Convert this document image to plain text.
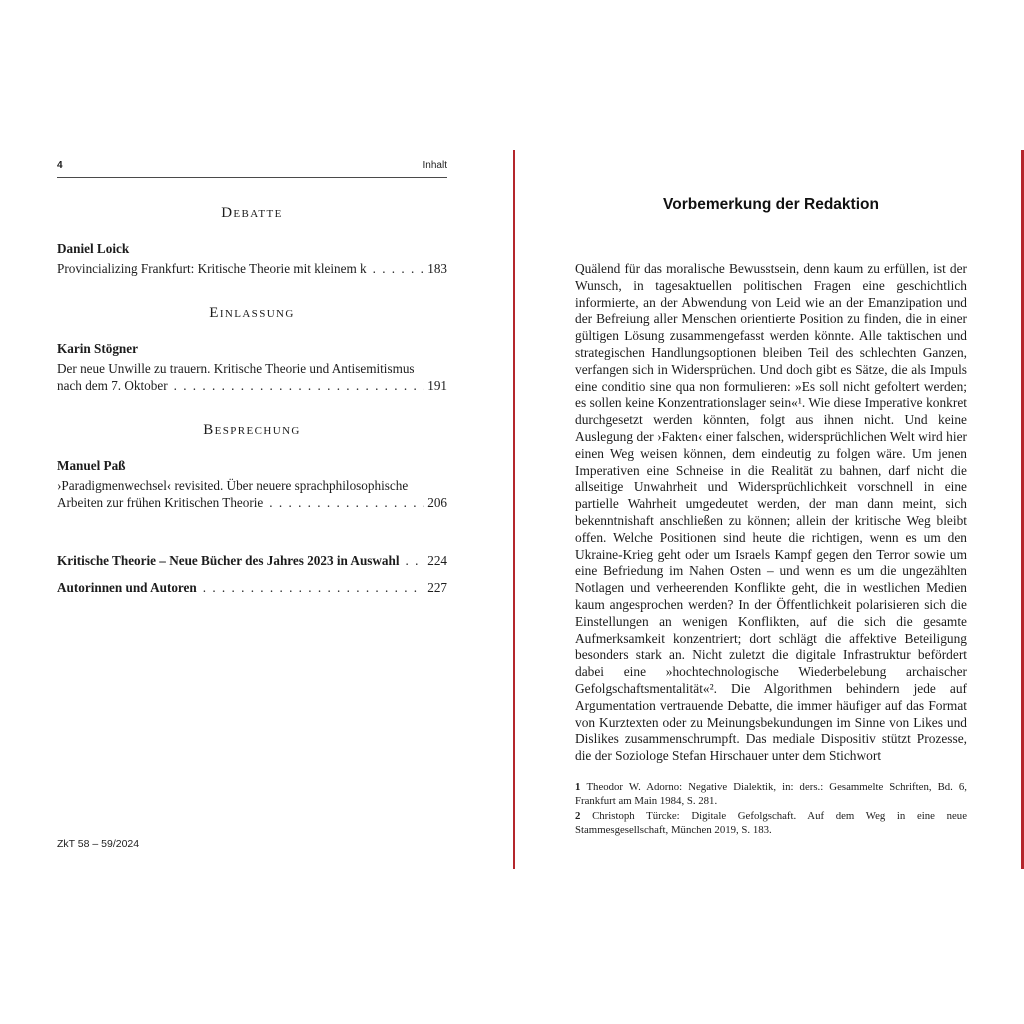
4	Inhalt
Debatte

Daniel Loick

Provincializing Frankfurt: Kritische Theorie mit kleinem k . . .	183
Einlassung

Karin Stögner

Der neue Unwille zu trauern. Kritische Theorie und Antisemitismus

nach dem 7. Oktober . . .	191
Besprechung

Manuel Paß

›Paradigmenwechsel‹ revisited. Über neuere sprachphilosophische

Arbeiten zur frühen Kritischen Theorie . . .	206
Kritische Theorie – Neue Bücher des Jahres 2023 in Auswahl . . . 224
Autorinnen und Autoren . . .	227
ZkT 58 – 59/2024
Vorbemerkung der Redaktion

Quälend für das moralische Bewusstsein, denn kaum zu erfüllen, ist der Wunsch, in tagesaktuellen politischen Fragen eine geschichtlich informierte, an der Abwendung von Leid wie an der Emanzipation und der Befreiung aller Menschen orientierte Position zu finden, die in einer gültigen Lösung zusammengefasst werden könnte. Alle taktischen und strategischen Handlungsoptionen bleiben Teil des schlechten Ganzen, verfangen sich in Widersprüchen. Und doch gibt es Sätze, die als Impuls eine conditio sine qua non formulieren: »Es soll nicht gefoltert werden; es sollen keine Konzentrationslager sein«¹. Wie diese Imperative konkret durchgesetzt werden könnten, folgt aus ihnen nicht. Und keine Auslegung der ›Fakten‹ einer falschen, widersprüchlichen Welt wird hier einen Weg weisen können, dem eindeutig zu folgen wäre. Um jenen Imperativen eine Schneise in die Realität zu bahnen, darf nicht die allseitige Unwahrheit und Widersprüchlichkeit vorschnell in eine partielle Wahrheit umgedeutet werden, der man dann meint, sich bekenntnishaft anschließen zu können; allein der kritische Weg bleibt offen. Welche Positionen sind heute die richtigen, wenn es um den Ukraine-Krieg geht oder um Israels Kampf gegen den Terror sowie um eine Befriedung im Nahen Osten – und wenn es um die ungezählten Notlagen und verheerenden Konflikte geht, die in westlichen Medien kaum angesprochen werden? In der Öffentlichkeit polarisieren sich die Einstellungen an wenigen Konflikten, auf die sich die gesamte Aufmerksamkeit konzentriert; dort schlägt die affektive Beteiligung besonders stark an. Nicht zuletzt die digitale Infrastruktur befördert dabei eine »hochtechnologische Wiederbelebung archaischer Gefolgschaftsmentalität«². Die Algorithmen behindern jede auf Argumentation vertrauende Debatte, die immer häufiger auf das Format von Kurztexten oder zu Meinungsbekundungen im Sinne von Likes und Dislikes zusammenschrumpft. Das mediale Dispositiv stützt Prozesse, die der Soziologe Stefan Hirschauer unter dem Stichwort

1 Theodor W. Adorno: Negative Dialektik, in: ders.: Gesammelte Schriften, Bd. 6, Frankfurt am Main 1984, S. 281.

2 Christoph Türcke: Digitale Gefolgschaft. Auf dem Weg in eine neue Stammesgesellschaft, München 2019, S. 183.
